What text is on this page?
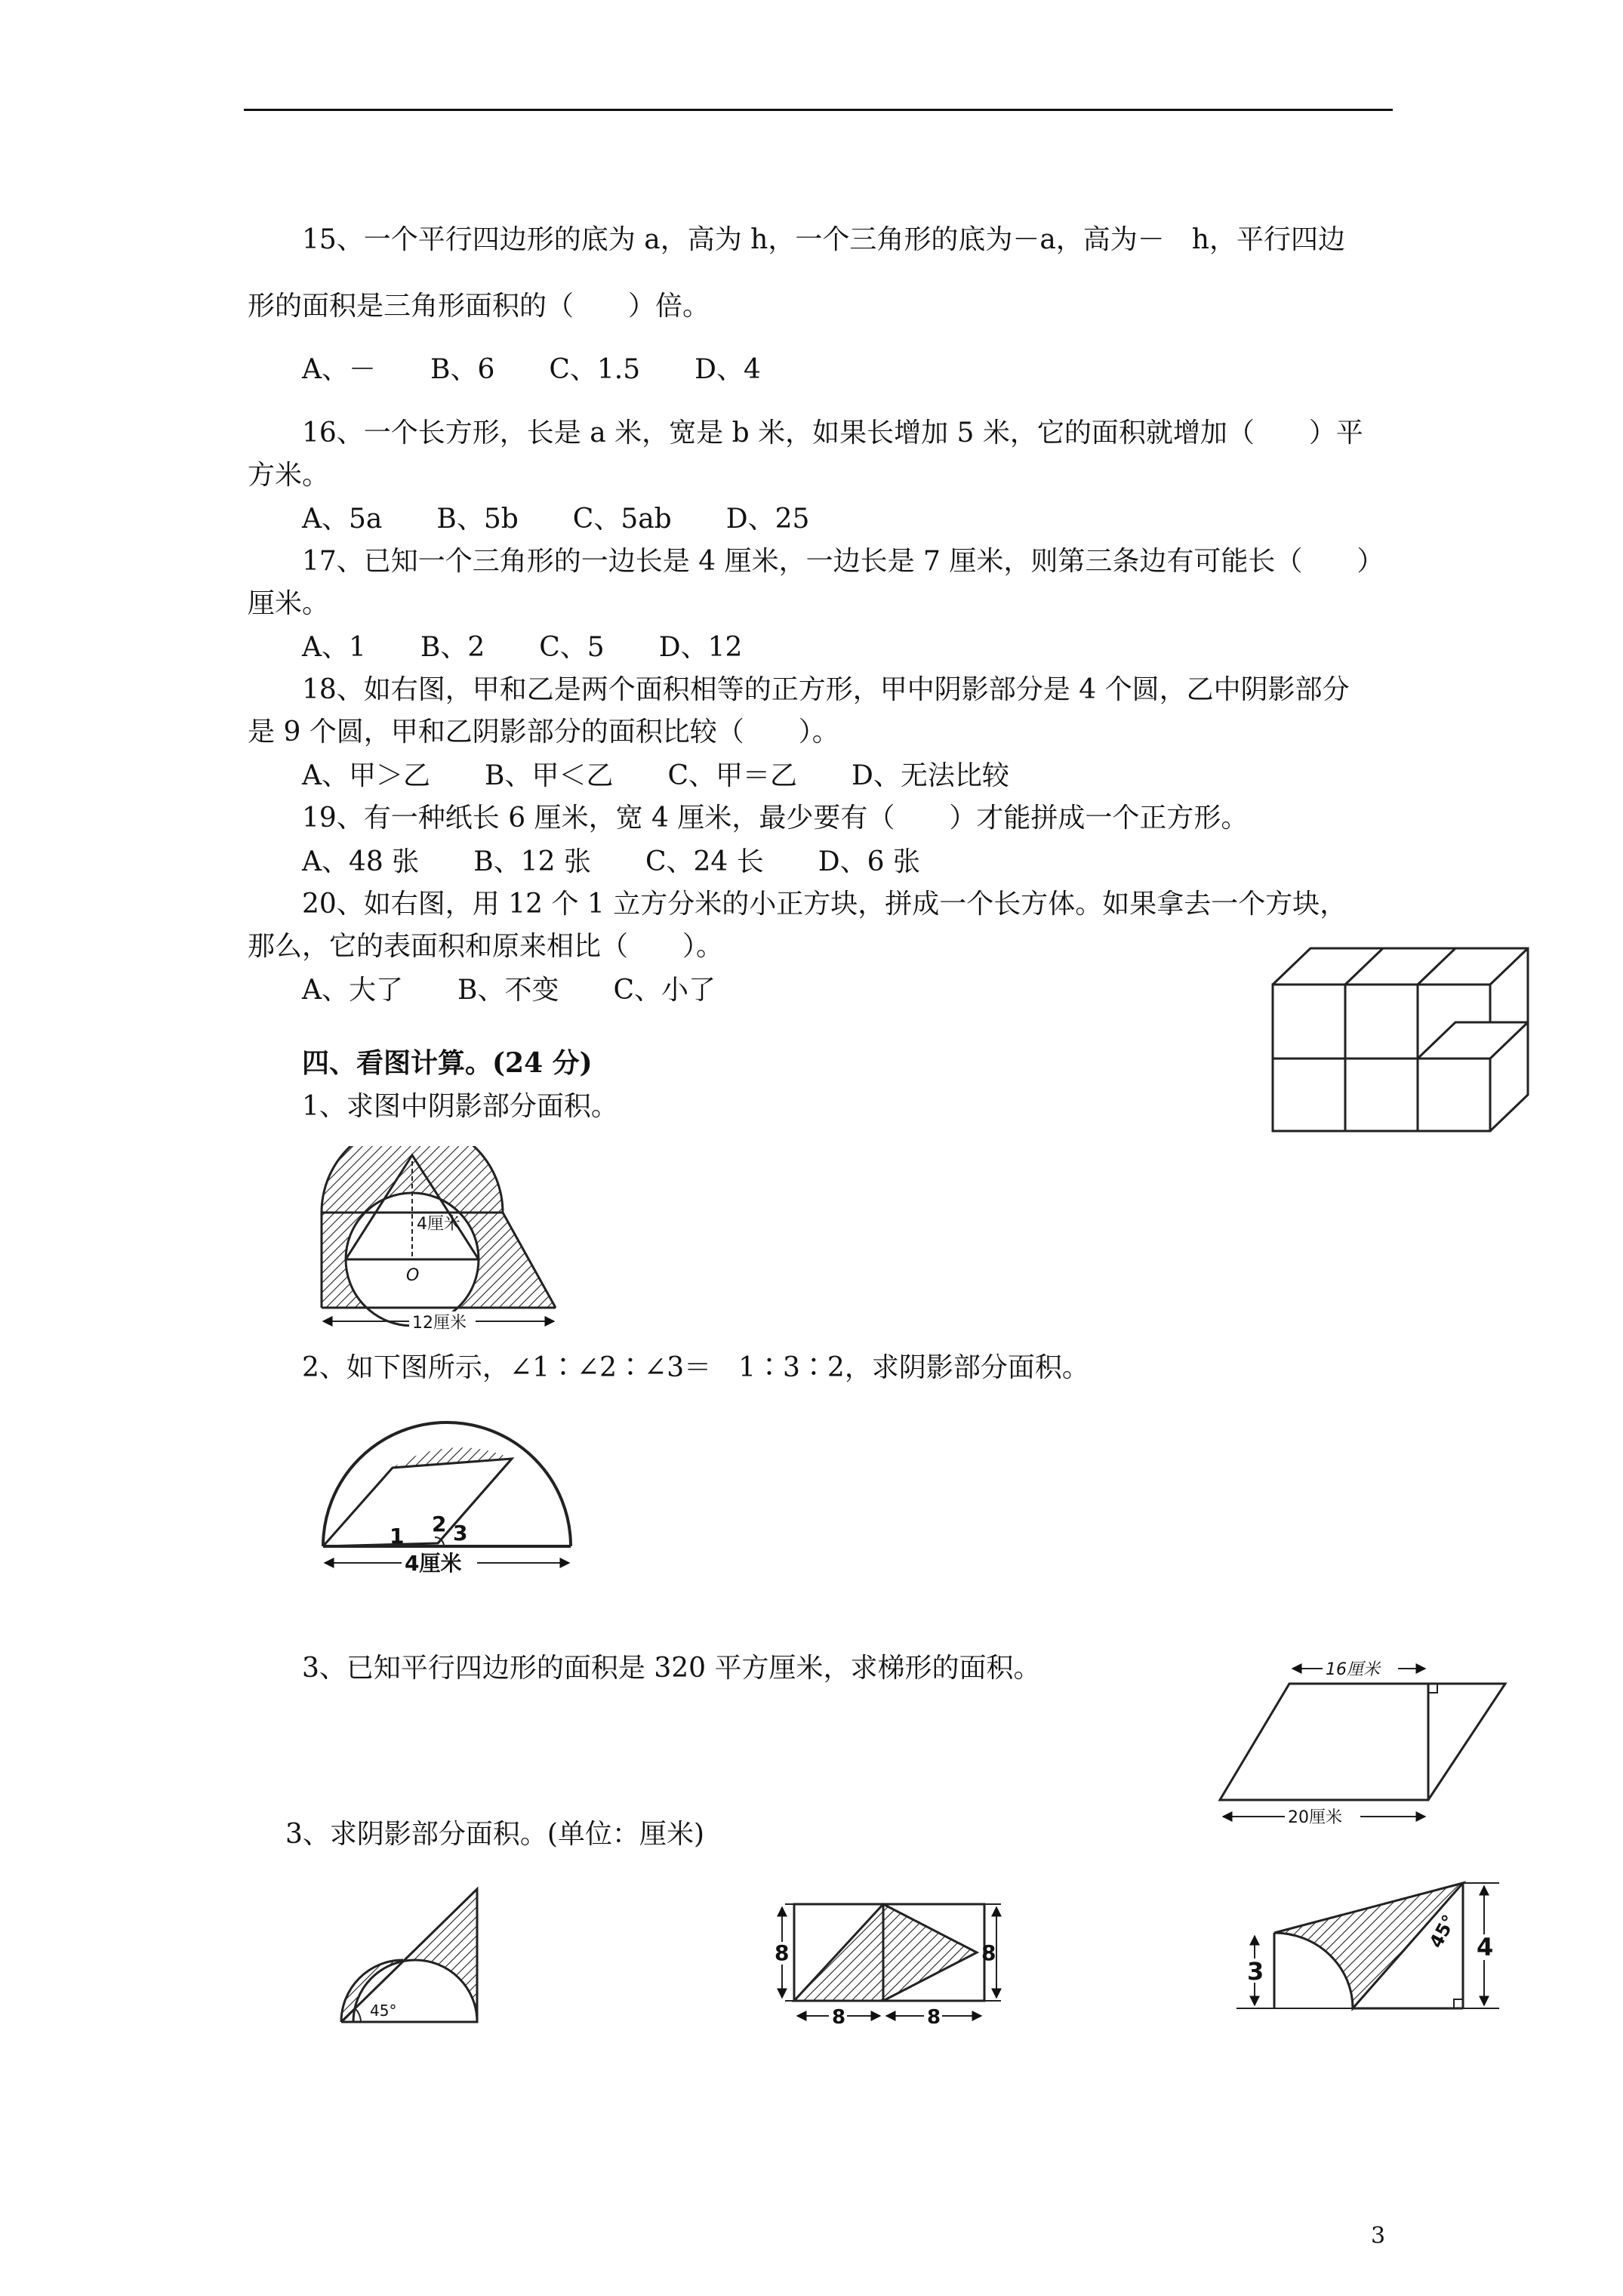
15、一个平行四边形的底为 a，高为 h，一个三角形的底为－a，高为－　h，平行四边
形的面积是三角形面积的（　　）倍。
A、－　　B、6　　C、1.5　　D、4
16、一个长方形，长是 a 米，宽是 b 米，如果长增加 5 米，它的面积就增加（　　）平
方米。
A、5a　　B、5b　　C、5ab　　D、25
17、已知一个三角形的一边长是 4 厘米，一边长是 7 厘米，则第三条边有可能长（　　）
厘米。
A、1　　B、2　　C、5　　D、12
18、如右图，甲和乙是两个面积相等的正方形，甲中阴影部分是 4 个圆，乙中阴影部分
是 9 个圆，甲和乙阴影部分的面积比较（　　）。
A、甲＞乙　　B、甲＜乙　　C、甲＝乙　　D、无法比较
19、有一种纸长 6 厘米，宽 4 厘米，最少要有（　　）才能拼成一个正方形。
A、48 张　　B、12 张　　C、24 长　　D、6 张
20、如右图，用 12 个 1 立方分米的小正方块，拼成一个长方体。如果拿去一个方块，
那么，它的表面积和原来相比（　　）。
A、大了　　B、不变　　C、小了
四、看图计算。(24 分)
1、求图中阴影部分面积。
4厘米
O
12厘米
2、如下图所示，∠1∶∠2∶∠3＝　1∶3∶2，求阴影部分面积。
1 2 3
4厘米
3、已知平行四边形的面积是 320 平方厘米，求梯形的面积。	16厘米
20厘米
3、求阴影部分面积。(单位：厘米)
45°
8	8
8	8
3
4
45°
3
